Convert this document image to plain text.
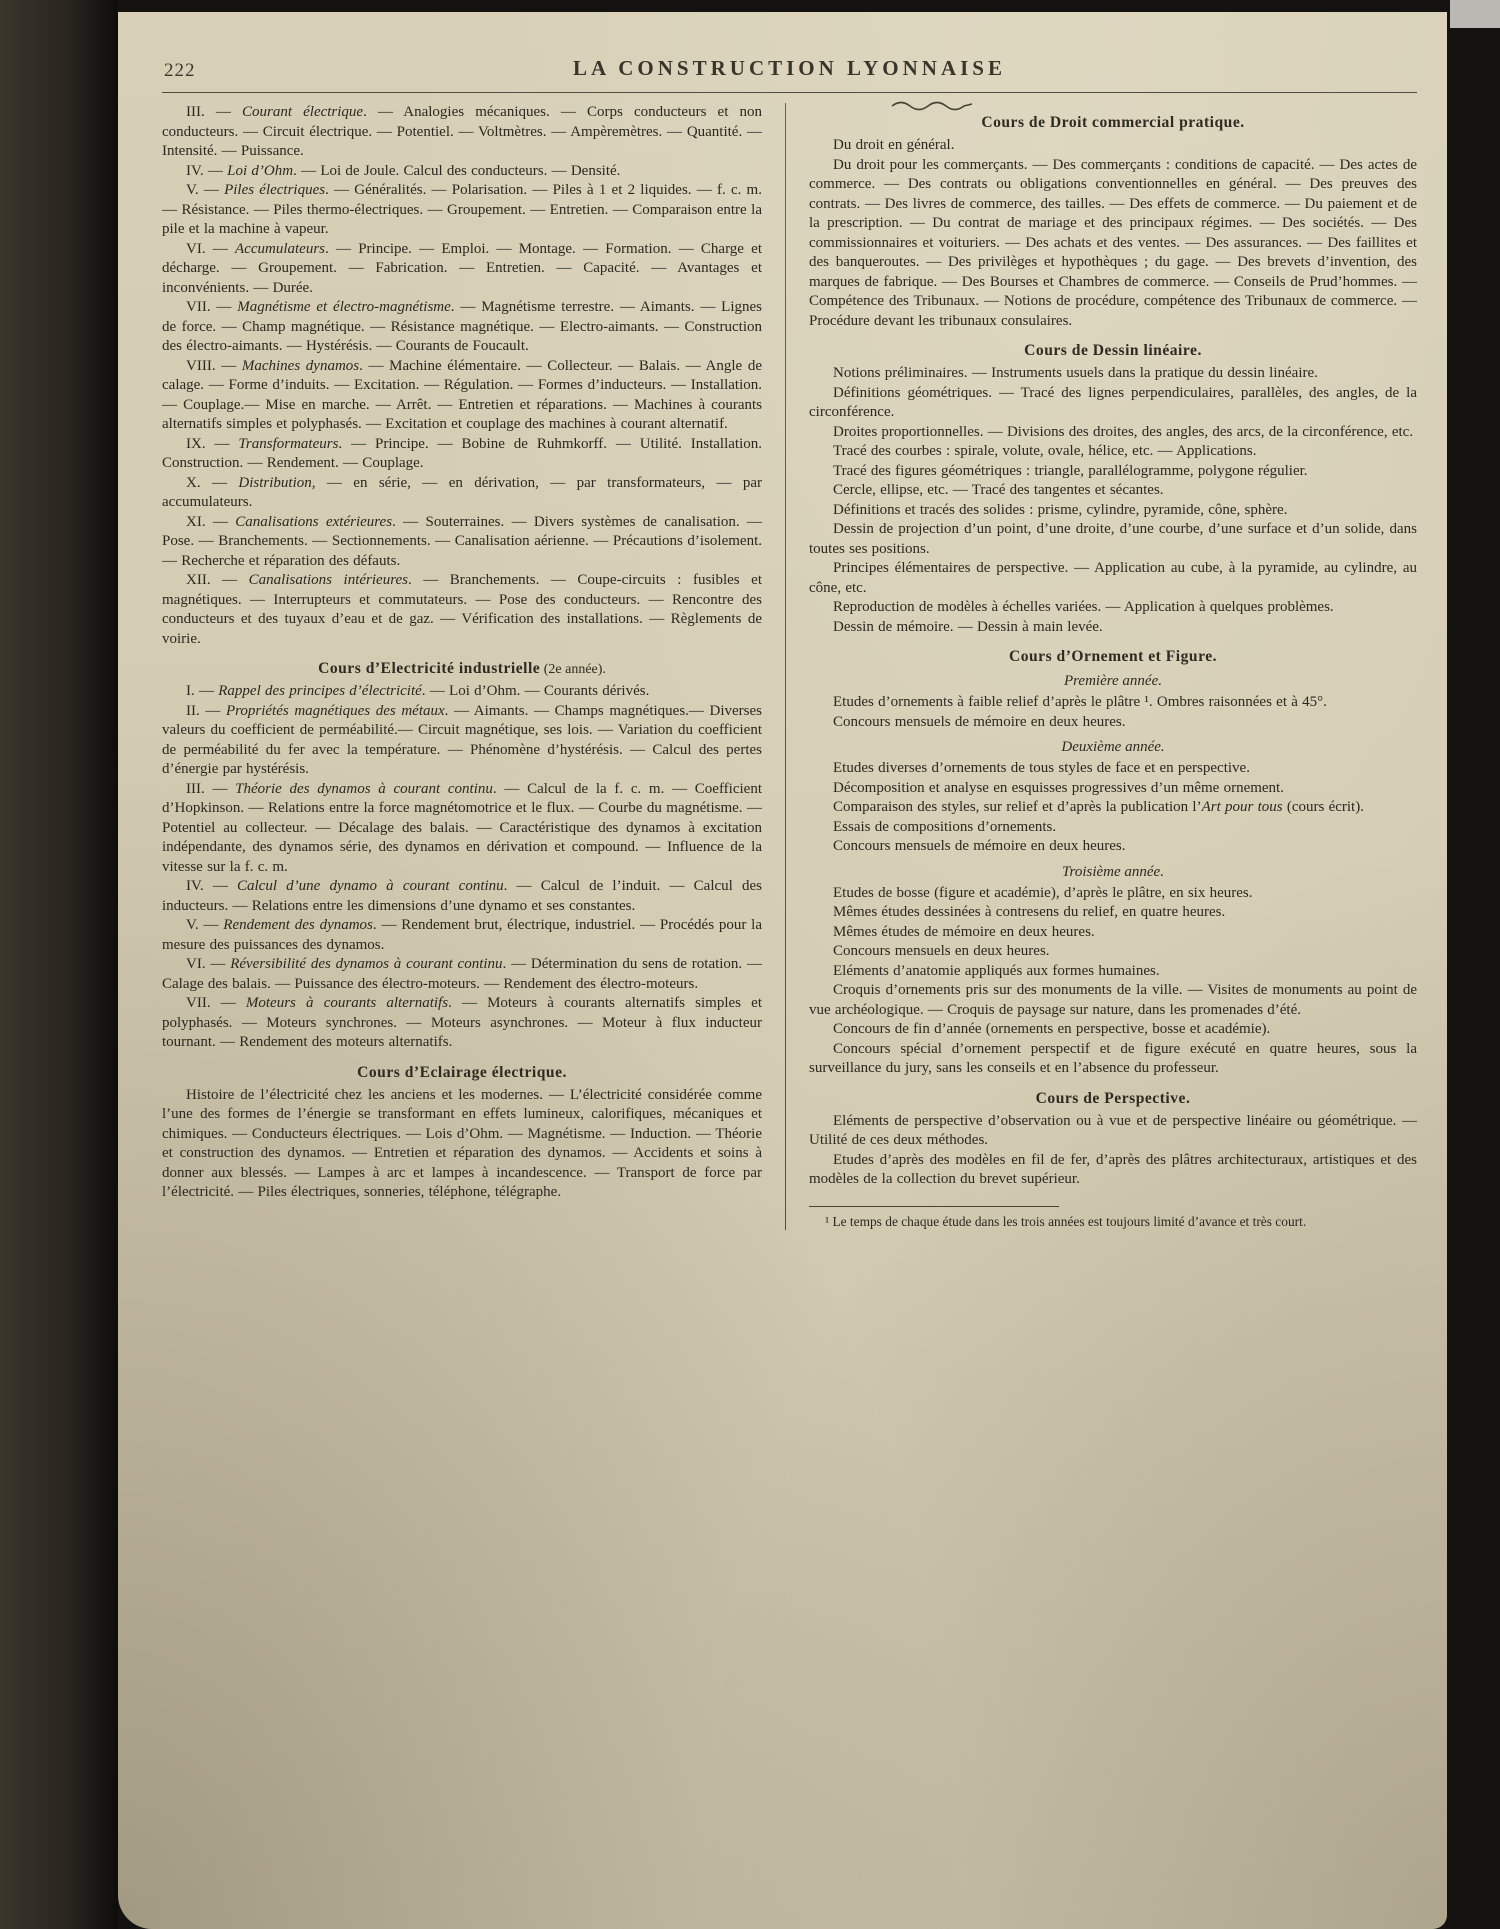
222	LA CONSTRUCTION LYONNAISE

III. — Courant électrique. — Analogies mécaniques. — Corps conducteurs et non conducteurs. — Circuit électrique. — Potentiel. — Voltmètres. — Ampèremètres. — Quantité. — Intensité. — Puissance.

IV. — Loi d’Ohm. — Loi de Joule. Calcul des conducteurs. — Densité.

V. — Piles électriques. — Généralités. — Polarisation. — Piles à 1 et 2 liquides. — f. c. m. — Résistance. — Piles thermo-électriques. — Groupement. — Entretien. — Comparaison entre la pile et la machine à vapeur.

VI. — Accumulateurs. — Principe. — Emploi. — Montage. — Formation. — Charge et décharge. — Groupement. — Fabrication. — Entretien. — Capacité. — Avantages et inconvénients. — Durée.

VII. — Magnétisme et électro-magnétisme. — Magnétisme terrestre. — Aimants. — Lignes de force. — Champ magnétique. — Résistance magnétique. — Electro-aimants. — Construction des électro-aimants. — Hystérésis. — Courants de Foucault.

VIII. — Machines dynamos. — Machine élémentaire. — Collecteur. — Balais. — Angle de calage. — Forme d’induits. — Excitation. — Régulation. — Formes d’inducteurs. — Installation. — Couplage.— Mise en marche. — Arrêt. — Entretien et réparations. — Machines à courants alternatifs simples et polyphasés. — Excitation et couplage des machines à courant alternatif.

IX. — Transformateurs. — Principe. — Bobine de Ruhmkorff. — Utilité. Installation. Construction. — Rendement. — Couplage.

X. — Distribution, — en série, — en dérivation, — par transformateurs, — par accumulateurs.

XI. — Canalisations extérieures. — Souterraines. — Divers systèmes de canalisation. — Pose. — Branchements. — Sectionnements. — Canalisation aérienne. — Précautions d’isolement. — Recherche et réparation des défauts.

XII. — Canalisations intérieures. — Branchements. — Coupe-circuits : fusibles et magnétiques. — Interrupteurs et commutateurs. — Pose des conducteurs. — Rencontre des conducteurs et des tuyaux d’eau et de gaz. — Vérification des installations. — Règlements de voirie.

Cours d’Electricité industrielle (2e année).

I. — Rappel des principes d’électricité. — Loi d’Ohm. — Courants dérivés.

II. — Propriétés magnétiques des métaux. — Aimants. — Champs magnétiques.— Diverses valeurs du coefficient de perméabilité.— Circuit magnétique, ses lois. — Variation du coefficient de perméabilité du fer avec la température. — Phénomène d’hystérésis. — Calcul des pertes d’énergie par hystérésis.

III. — Théorie des dynamos à courant continu. — Calcul de la f. c. m. — Coefficient d’Hopkinson. — Relations entre la force magnétomotrice et le flux. — Courbe du magnétisme. — Potentiel au collecteur. — Décalage des balais. — Caractéristique des dynamos à excitation indépendante, des dynamos série, des dynamos en dérivation et compound. — Influence de la vitesse sur la f. c. m.

IV. — Calcul d’une dynamo à courant continu. — Calcul de l’induit. — Calcul des inducteurs. — Relations entre les dimensions d’une dynamo et ses constantes.

V. — Rendement des dynamos. — Rendement brut, électrique, industriel. — Procédés pour la mesure des puissances des dynamos.

VI. — Réversibilité des dynamos à courant continu. — Détermination du sens de rotation. — Calage des balais. — Puissance des électro-moteurs. — Rendement des électro-moteurs.

VII. — Moteurs à courants alternatifs. — Moteurs à courants alternatifs simples et polyphasés. — Moteurs synchrones. — Moteurs asynchrones. — Moteur à flux inducteur tournant. — Rendement des moteurs alternatifs.

Cours d’Eclairage électrique.

Histoire de l’électricité chez les anciens et les modernes. — L’électricité considérée comme l’une des formes de l’énergie se transformant en effets lumineux, calorifiques, mécaniques et chimiques. — Conducteurs électriques. — Lois d’Ohm. — Magnétisme. — Induction. — Théorie et construction des dynamos. — Entretien et réparation des dynamos. — Accidents et soins à donner aux blessés. — Lampes à arc et lampes à incandescence. — Transport de force par l’électricité. — Piles électriques, sonneries, téléphone, télégraphe.

Cours de Droit commercial pratique.

Du droit en général.

Du droit pour les commerçants. — Des commerçants : conditions de capacité. — Des actes de commerce. — Des contrats ou obligations conventionnelles en général. — Des preuves des contrats. — Des livres de commerce, des tailles. — Des effets de commerce. — Du paiement et de la prescription. — Du contrat de mariage et des principaux régimes. — Des sociétés. — Des commissionnaires et voituriers. — Des achats et des ventes. — Des assurances. — Des faillites et des banqueroutes. — Des privilèges et hypothèques ; du gage. — Des brevets d’invention, des marques de fabrique. — Des Bourses et Chambres de commerce. — Conseils de Prud’hommes. — Compétence des Tribunaux. — Notions de procédure, compétence des Tribunaux de commerce. — Procédure devant les tribunaux consulaires.

Cours de Dessin linéaire.

Notions préliminaires. — Instruments usuels dans la pratique du dessin linéaire.

Définitions géométriques. — Tracé des lignes perpendiculaires, parallèles, des angles, de la circonférence.

Droites proportionnelles. — Divisions des droites, des angles, des arcs, de la circonférence, etc.

Tracé des courbes : spirale, volute, ovale, hélice, etc. — Applications.

Tracé des figures géométriques : triangle, parallélogramme, polygone régulier.

Cercle, ellipse, etc. — Tracé des tangentes et sécantes.

Définitions et tracés des solides : prisme, cylindre, pyramide, cône, sphère.

Dessin de projection d’un point, d’une droite, d’une courbe, d’une surface et d’un solide, dans toutes ses positions.

Principes élémentaires de perspective. — Application au cube, à la pyramide, au cylindre, au cône, etc.

Reproduction de modèles à échelles variées. — Application à quelques problèmes.

Dessin de mémoire. — Dessin à main levée.

Cours d’Ornement et Figure.
Première année.

Etudes d’ornements à faible relief d’après le plâtre ¹. Ombres raisonnées et à 45°.

Concours mensuels de mémoire en deux heures.

Deuxième année.

Etudes diverses d’ornements de tous styles de face et en perspective.

Décomposition et analyse en esquisses progressives d’un même ornement.

Comparaison des styles, sur relief et d’après la publication l’Art pour tous (cours écrit).

Essais de compositions d’ornements.

Concours mensuels de mémoire en deux heures.

Troisième année.

Etudes de bosse (figure et académie), d’après le plâtre, en six heures.

Mêmes études dessinées à contresens du relief, en quatre heures.

Mêmes études de mémoire en deux heures.

Concours mensuels en deux heures.

Eléments d’anatomie appliqués aux formes humaines.

Croquis d’ornements pris sur des monuments de la ville. — Visites de monuments au point de vue archéologique. — Croquis de paysage sur nature, dans les promenades d’été.

Concours de fin d’année (ornements en perspective, bosse et académie).

Concours spécial d’ornement perspectif et de figure exécuté en quatre heures, sous la surveillance du jury, sans les conseils et en l’absence du professeur.

Cours de Perspective.

Eléments de perspective d’observation ou à vue et de perspective linéaire ou géométrique. — Utilité de ces deux méthodes.

Etudes d’après des modèles en fil de fer, d’après des plâtres architecturaux, artistiques et des modèles de la collection du brevet supérieur.

¹ Le temps de chaque étude dans les trois années est toujours limité d’avance et très court.
